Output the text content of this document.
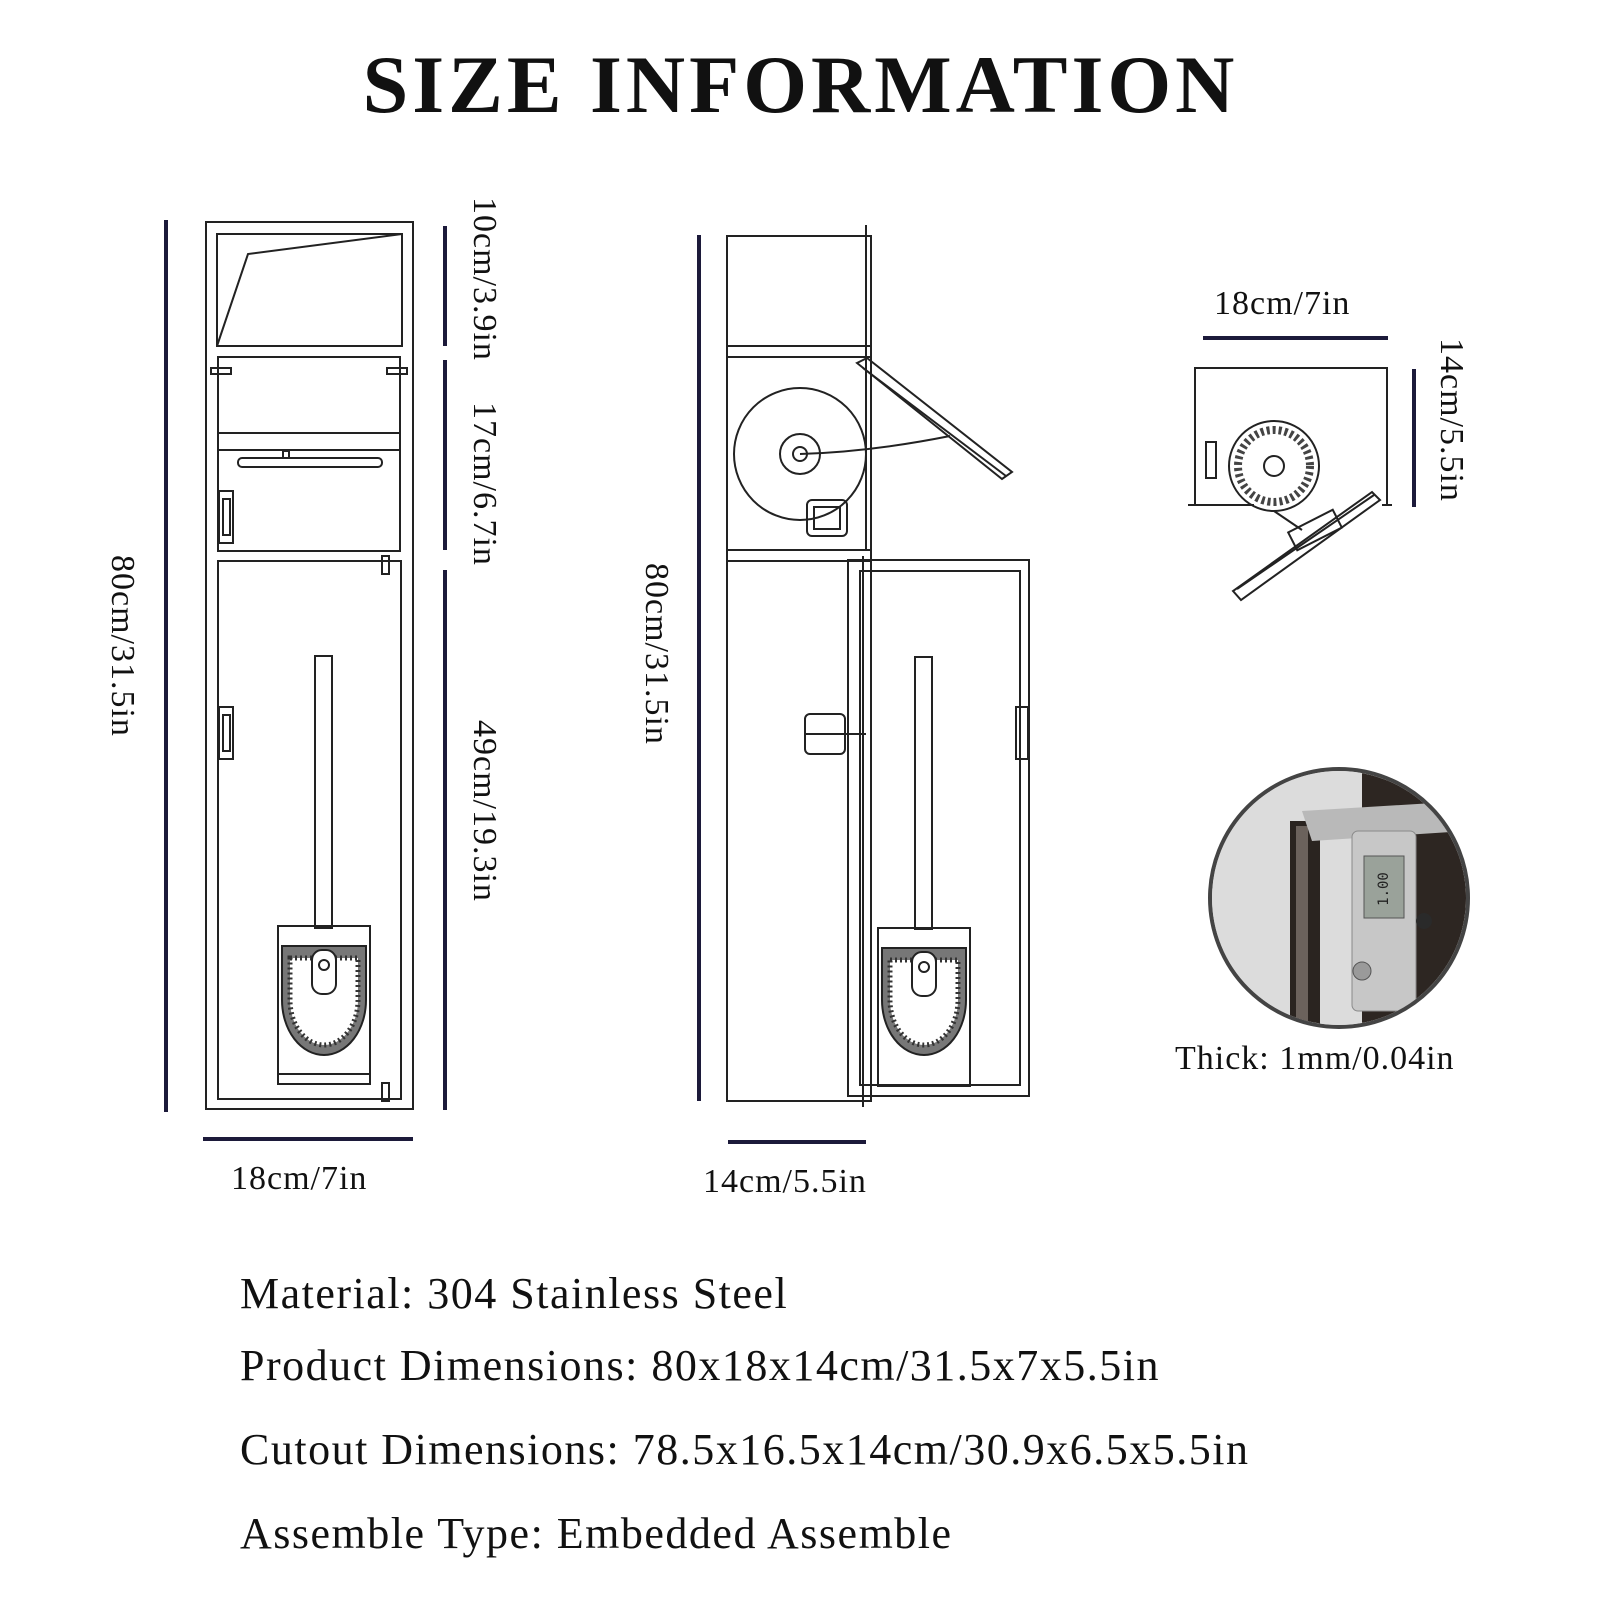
SIZE INFORMATION
80cm/31.5in
18cm/7in
10cm/3.9in
17cm/6.7in
49cm/19.3in
80cm/31.5in
14cm/5.5in
18cm/7in
14cm/5.5in
1.00
Thick: 1mm/0.04in
Material: 304 Stainless Steel
Product Dimensions: 80x18x14cm/31.5x7x5.5in
Cutout Dimensions: 78.5x16.5x14cm/30.9x6.5x5.5in
Assemble Type: Embedded Assemble
